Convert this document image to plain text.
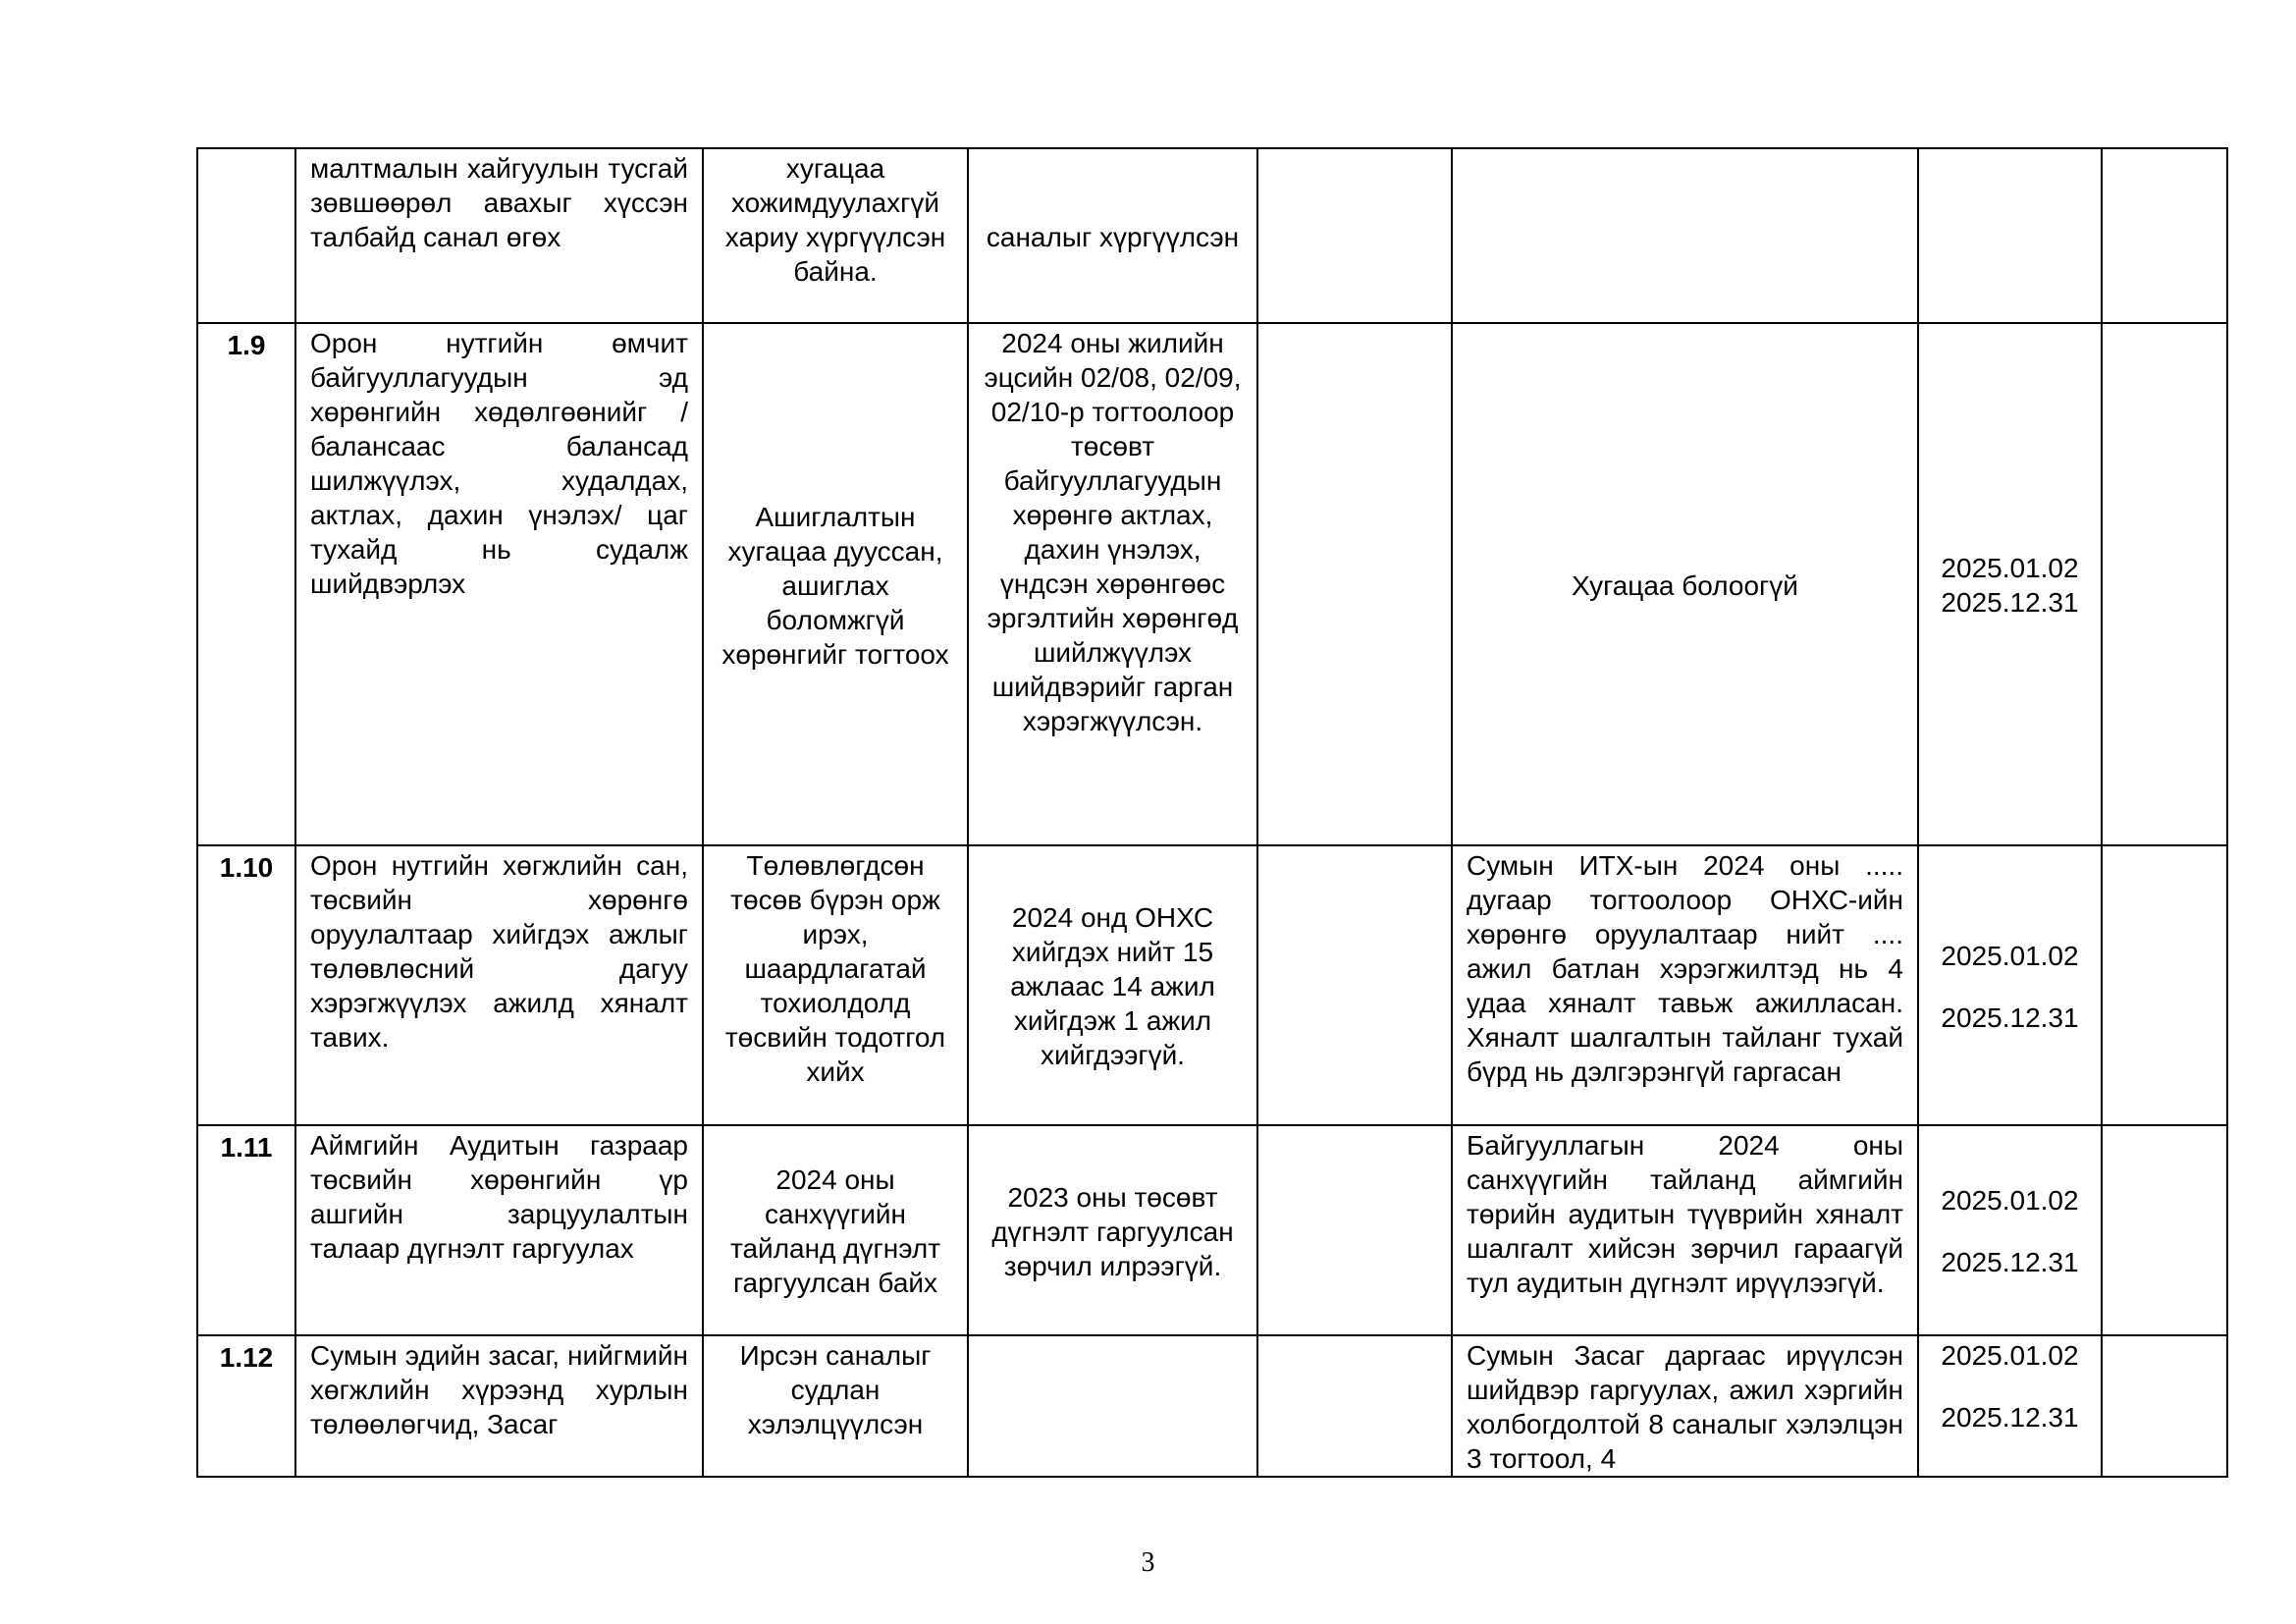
	малтмалын хайгуулын тусгай зөвшөөрөл авахыг хүссэн талбайд санал өгөх	хугацаа хожимдуулахгүй хариу хүргүүлсэн байна.	саналыг хүргүүлсэн			

1.9	Орон нутгийн өмчит байгууллагуудын эд хөрөнгийн хөдөлгөөнийг /балансаас балансад шилжүүлэх, худалдах, актлах, дахин үнэлэх/ цаг тухайд нь судалж шийдвэрлэх	Ашиглалтын хугацаа дууссан, ашиглах боломжгүй хөрөнгийг тогтоох	2024 оны жилийн эцсийн 02/08, 02/09, 02/10-р тогтоолоор төсөвт байгууллагуудын хөрөнгө актлах, дахин үнэлэх, үндсэн хөрөнгөөс эргэлтийн хөрөнгөд шийлжүүлэх шийдвэрийг гарган хэрэгжүүлсэн.		Хугацаа болоогүй	2025.01.02
2025.12.31	

1.10	Орон нутгийн хөгжлийн сан, төсвийн хөрөнгө оруулалтаар хийгдэх ажлыг төлөвлөсний дагуу хэрэгжүүлэх ажилд хяналт тавих.	Төлөвлөгдсөн төсөв бүрэн орж ирэх, шаардлагатай тохиолдолд төсвийн тодотгол хийх	2024 онд ОНХС хийгдэх нийт 15 ажлаас 14 ажил хийгдэж 1 ажил хийгдээгүй.		Сумын ИТХ-ын 2024 оны ..... дугаар тогтоолоор ОНХС-ийн хөрөнгө оруулалтаар нийт .... ажил батлан хэрэгжилтэд нь 4 удаа хяналт тавьж ажилласан. Хяналт шалгалтын тайланг тухай бүрд нь дэлгэрэнгүй гаргасан	2025.01.02
2025.12.31	

1.11	Аймгийн Аудитын газраар төсвийн хөрөнгийн үр ашгийн зарцуулалтын талаар дүгнэлт гаргуулах	2024 оны санхүүгийн тайланд дүгнэлт гаргуулсан байх	2023 оны төсөвт дүгнэлт гаргуулсан зөрчил илрээгүй.		Байгууллагын 2024 оны санхүүгийн тайланд аймгийн төрийн аудитын түүврийн хяналт шалгалт хийсэн зөрчил гараагүй тул аудитын дүгнэлт ирүүлээгүй.	2025.01.02
2025.12.31	

1.12	Сумын эдийн засаг, нийгмийн хөгжлийн хүрээнд хурлын төлөөлөгчид, Засаг	Ирсэн саналыг судлан хэлэлцүүлсэн			Сумын Засаг даргаас ирүүлсэн шийдвэр гаргуулах, ажил хэргийн холбогдолтой 8 саналыг хэлэлцэн 3 тогтоол, 4	2025.01.02
2025.12.31	

3
